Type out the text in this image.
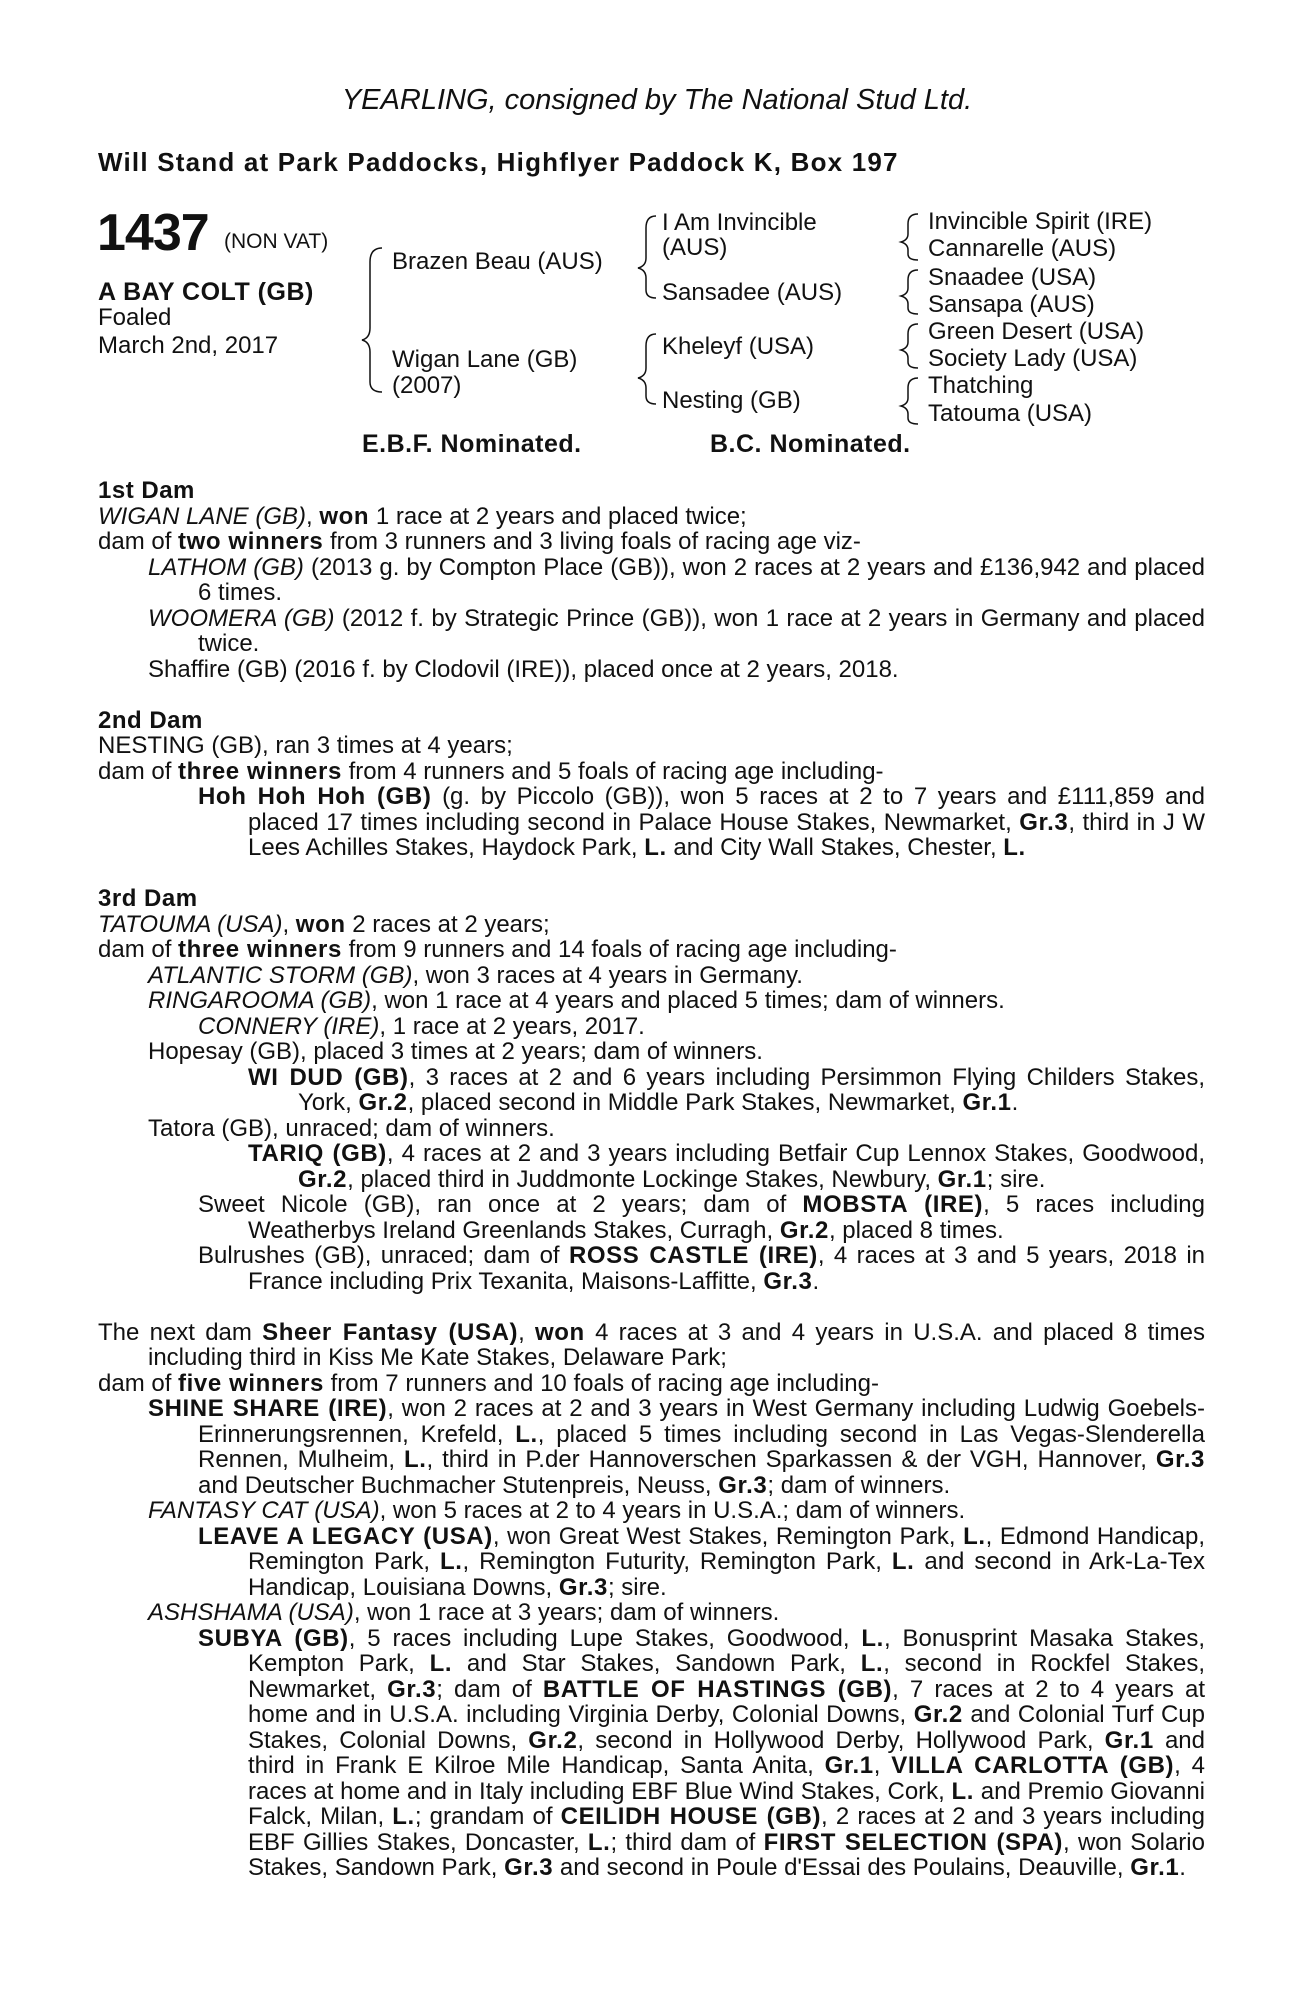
YEARLING, consigned by The National Stud Ltd.
Will Stand at Park Paddocks, Highflyer Paddock K, Box 197
1437 (NON VAT)
A BAY COLT (GB)
Foaled
March 2nd, 2017
Brazen Beau (AUS)
Wigan Lane (GB)
(2007)
I Am Invincible
(AUS)
Sansadee (AUS)
Kheleyf (USA)
Nesting (GB)
Invincible Spirit (IRE)
Cannarelle (AUS)
Snaadee (USA)
Sansapa (AUS)
Green Desert (USA)
Society Lady (USA)
Thatching
Tatouma (USA)
E.B.F. Nominated.	B.C. Nominated.

1st Dam

WIGAN LANE (GB), won 1 race at 2 years and placed twice;

dam of two winners from 3 runners and 3 living foals of racing age viz-

LATHOM (GB) (2013 g. by Compton Place (GB)), won 2 races at 2 years and £136,942 and placed 6 times.

WOOMERA (GB) (2012 f. by Strategic Prince (GB)), won 1 race at 2 years in Germany and placed twice.

Shaffire (GB) (2016 f. by Clodovil (IRE)), placed once at 2 years, 2018.

2nd Dam

NESTING (GB), ran 3 times at 4 years;

dam of three winners from 4 runners and 5 foals of racing age including-

Hoh Hoh Hoh (GB) (g. by Piccolo (GB)), won 5 races at 2 to 7 years and £111,859 and placed 17 times including second in Palace House Stakes, Newmarket, Gr.3, third in J W Lees Achilles Stakes, Haydock Park, L. and City Wall Stakes, Chester, L.

3rd Dam

TATOUMA (USA), won 2 races at 2 years;

dam of three winners from 9 runners and 14 foals of racing age including-

ATLANTIC STORM (GB), won 3 races at 4 years in Germany.

RINGAROOMA (GB), won 1 race at 4 years and placed 5 times; dam of winners.

CONNERY (IRE), 1 race at 2 years, 2017.

Hopesay (GB), placed 3 times at 2 years; dam of winners.

WI DUD (GB), 3 races at 2 and 6 years including Persimmon Flying Childers Stakes, York, Gr.2, placed second in Middle Park Stakes, Newmarket, Gr.1.

Tatora (GB), unraced; dam of winners.

TARIQ (GB), 4 races at 2 and 3 years including Betfair Cup Lennox Stakes, Goodwood, Gr.2, placed third in Juddmonte Lockinge Stakes, Newbury, Gr.1; sire.

Sweet Nicole (GB), ran once at 2 years; dam of MOBSTA (IRE), 5 races including Weatherbys Ireland Greenlands Stakes, Curragh, Gr.2, placed 8 times.

Bulrushes (GB), unraced; dam of ROSS CASTLE (IRE), 4 races at 3 and 5 years, 2018 in France including Prix Texanita, Maisons-Laffitte, Gr.3.

The next dam Sheer Fantasy (USA), won 4 races at 3 and 4 years in U.S.A. and placed 8 times including third in Kiss Me Kate Stakes, Delaware Park;

dam of five winners from 7 runners and 10 foals of racing age including-

SHINE SHARE (IRE), won 2 races at 2 and 3 years in West Germany including Ludwig Goebels-Erinnerungsrennen, Krefeld, L., placed 5 times including second in Las Vegas-Slenderella Rennen, Mulheim, L., third in P.der Hannoverschen Sparkassen & der VGH, Hannover, Gr.3 and Deutscher Buchmacher Stutenpreis, Neuss, Gr.3; dam of winners.

FANTASY CAT (USA), won 5 races at 2 to 4 years in U.S.A.; dam of winners.

LEAVE A LEGACY (USA), won Great West Stakes, Remington Park, L., Edmond Handicap, Remington Park, L., Remington Futurity, Remington Park, L. and second in Ark-La-Tex Handicap, Louisiana Downs, Gr.3; sire.

ASHSHAMA (USA), won 1 race at 3 years; dam of winners.

SUBYA (GB), 5 races including Lupe Stakes, Goodwood, L., Bonusprint Masaka Stakes, Kempton Park, L. and Star Stakes, Sandown Park, L., second in Rockfel Stakes, Newmarket, Gr.3; dam of BATTLE OF HASTINGS (GB), 7 races at 2 to 4 years at home and in U.S.A. including Virginia Derby, Colonial Downs, Gr.2 and Colonial Turf Cup Stakes, Colonial Downs, Gr.2, second in Hollywood Derby, Hollywood Park, Gr.1 and third in Frank E Kilroe Mile Handicap, Santa Anita, Gr.1, VILLA CARLOTTA (GB), 4 races at home and in Italy including EBF Blue Wind Stakes, Cork, L. and Premio Giovanni Falck, Milan, L.; grandam of CEILIDH HOUSE (GB), 2 races at 2 and 3 years including EBF Gillies Stakes, Doncaster, L.; third dam of FIRST SELECTION (SPA), won Solario Stakes, Sandown Park, Gr.3 and second in Poule d'Essai des Poulains, Deauville, Gr.1.
